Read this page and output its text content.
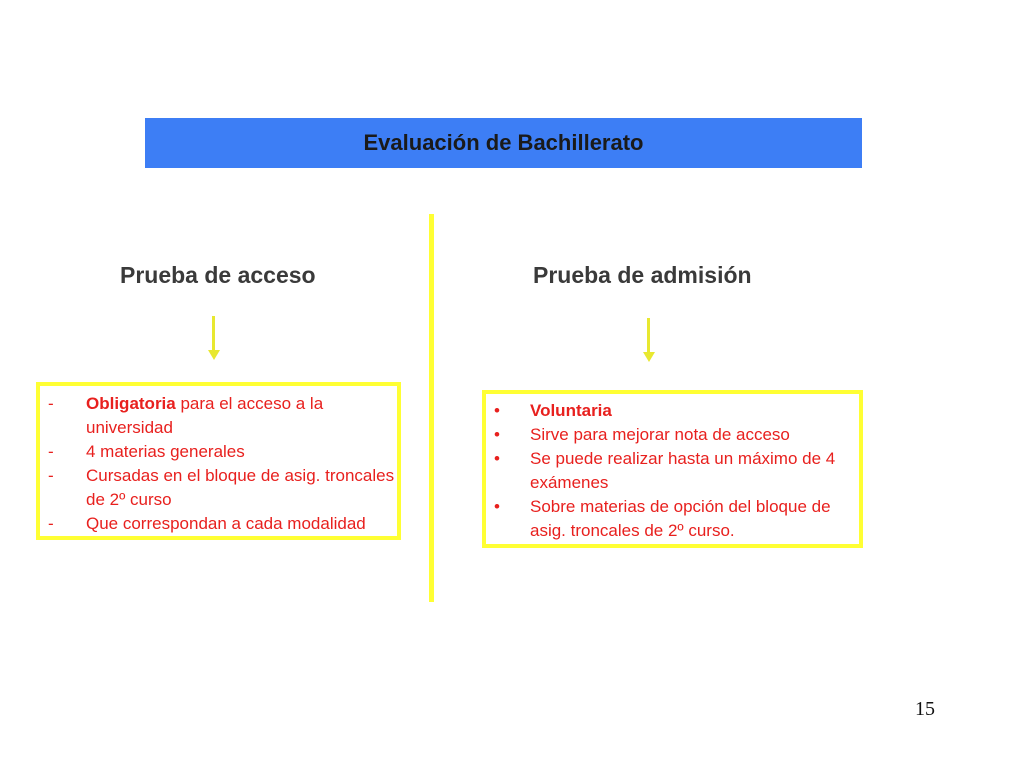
Evaluación de Bachillerato
Prueba de acceso	Prueba de admisión
-	Obligatoria para el acceso a la universidad
-	4 materias generales
-	Cursadas en el bloque de asig. troncales de 2º curso
-	Que correspondan a cada modalidad
•	Voluntaria
•	Sirve para mejorar nota de acceso
•	Se puede realizar hasta un máximo de 4 exámenes
•	Sobre materias de opción del bloque de asig. troncales de 2º curso.
15
